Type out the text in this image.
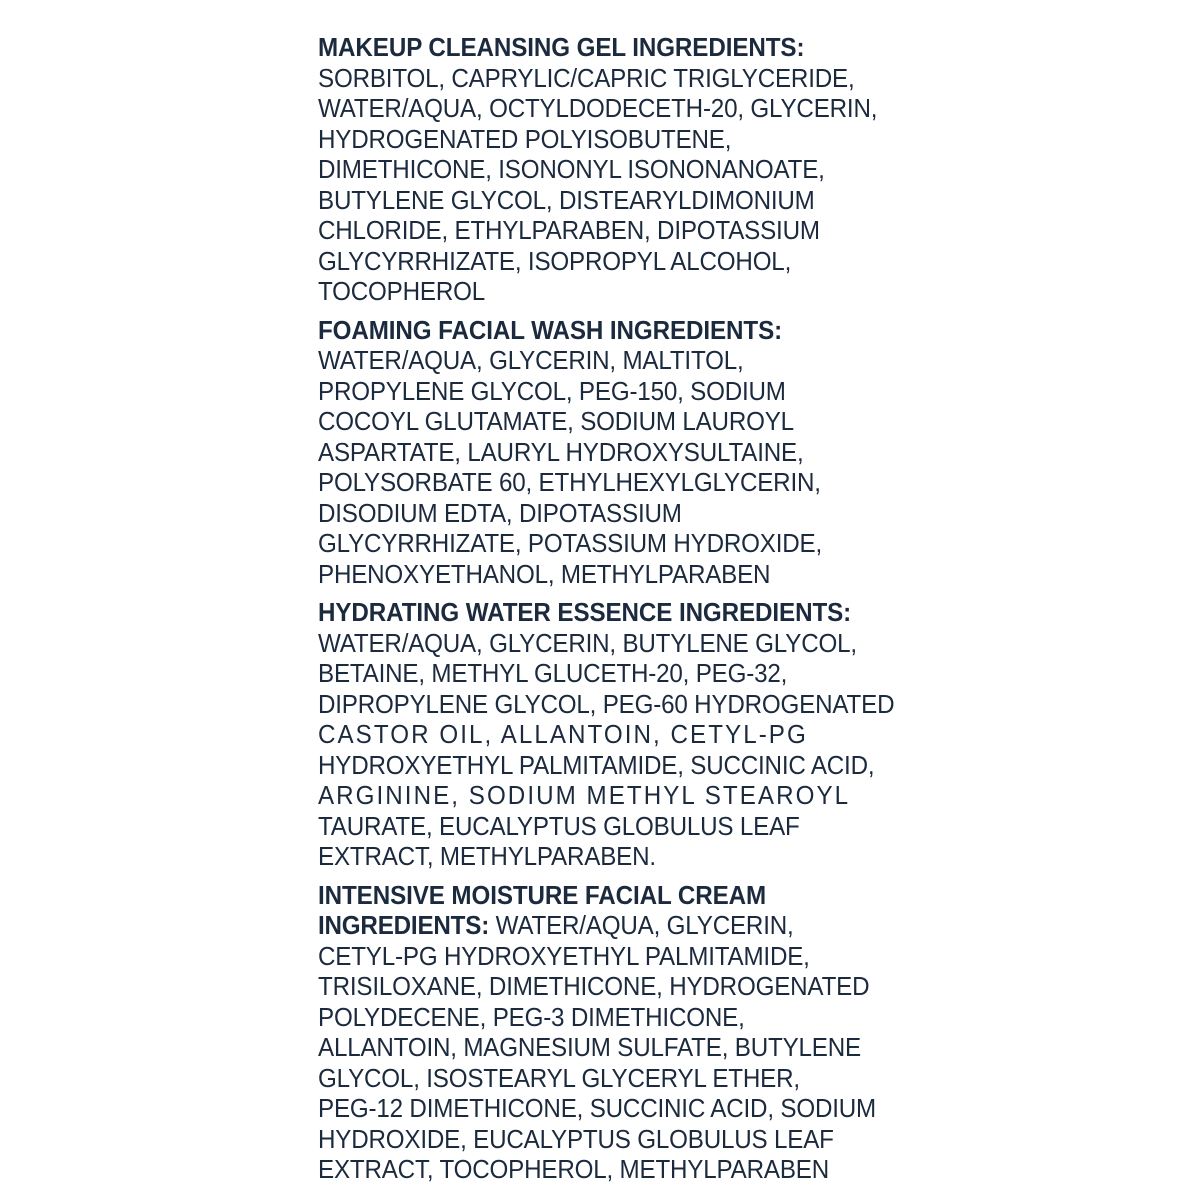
MAKEUP CLEANSING GEL INGREDIENTS:
SORBITOL, CAPRYLIC/CAPRIC TRIGLYCERIDE,
WATER/AQUA, OCTYLDODECETH-20, GLYCERIN,
HYDROGENATED POLYISOBUTENE,
DIMETHICONE, ISONONYL ISONONANOATE,
BUTYLENE GLYCOL, DISTEARYLDIMONIUM
CHLORIDE, ETHYLPARABEN, DIPOTASSIUM
GLYCYRRHIZATE, ISOPROPYL ALCOHOL,
TOCOPHEROL
FOAMING FACIAL WASH INGREDIENTS:
WATER/AQUA, GLYCERIN, MALTITOL,
PROPYLENE GLYCOL, PEG-150, SODIUM
COCOYL GLUTAMATE, SODIUM LAUROYL
ASPARTATE, LAURYL HYDROXYSULTAINE,
POLYSORBATE 60, ETHYLHEXYLGLYCERIN,
DISODIUM EDTA, DIPOTASSIUM
GLYCYRRHIZATE, POTASSIUM HYDROXIDE,
PHENOXYETHANOL, METHYLPARABEN
HYDRATING WATER ESSENCE INGREDIENTS:
WATER/AQUA, GLYCERIN, BUTYLENE GLYCOL,
BETAINE, METHYL GLUCETH-20, PEG-32,
DIPROPYLENE GLYCOL, PEG-60 HYDROGENATED
CASTOR OIL, ALLANTOIN, CETYL-PG
HYDROXYETHYL PALMITAMIDE, SUCCINIC ACID,
ARGININE, SODIUM METHYL STEAROYL
TAURATE, EUCALYPTUS GLOBULUS LEAF
EXTRACT, METHYLPARABEN.
INTENSIVE MOISTURE FACIAL CREAM
INGREDIENTS: WATER/AQUA, GLYCERIN,
CETYL-PG HYDROXYETHYL PALMITAMIDE,
TRISILOXANE, DIMETHICONE, HYDROGENATED
POLYDECENE, PEG-3 DIMETHICONE,
ALLANTOIN, MAGNESIUM SULFATE, BUTYLENE
GLYCOL, ISOSTEARYL GLYCERYL ETHER,
PEG-12 DIMETHICONE, SUCCINIC ACID, SODIUM
HYDROXIDE, EUCALYPTUS GLOBULUS LEAF
EXTRACT, TOCOPHEROL, METHYLPARABEN
